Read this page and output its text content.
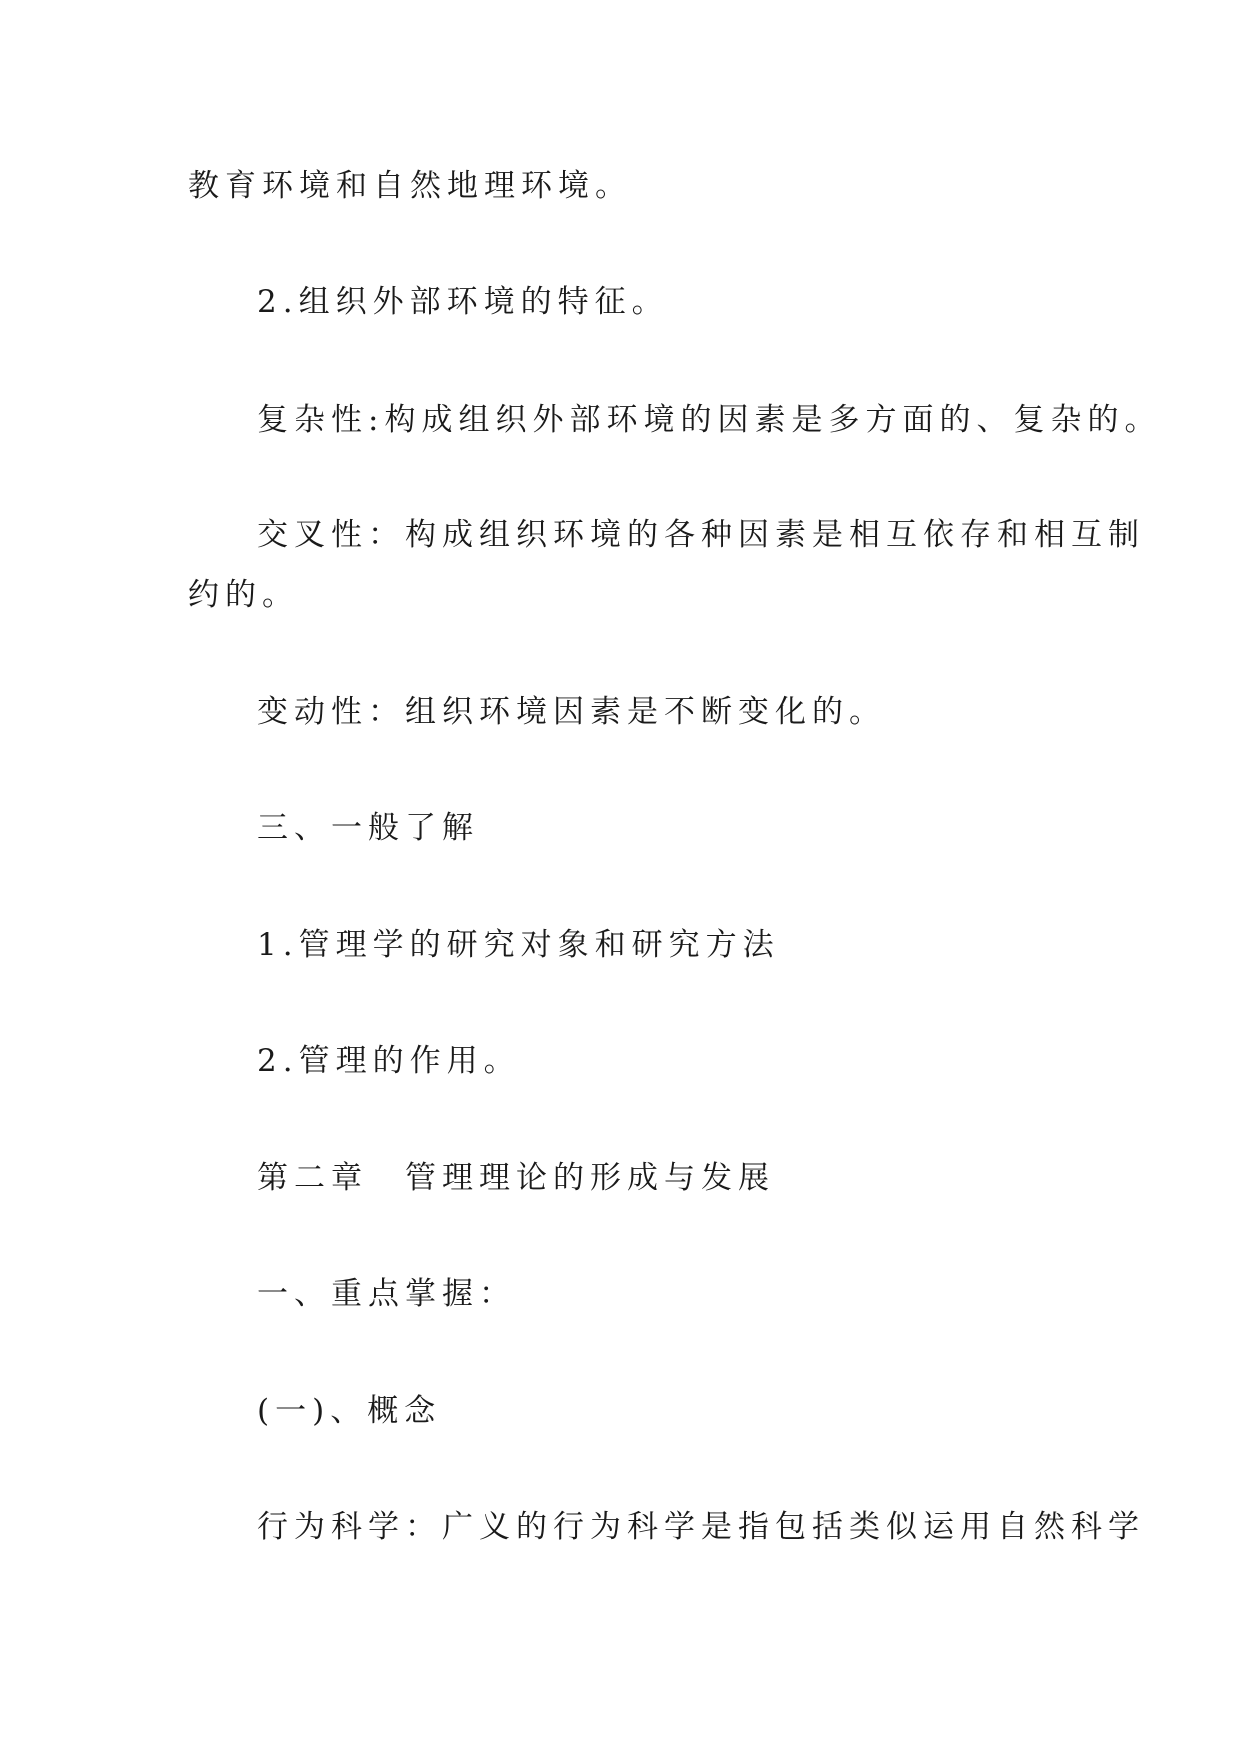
教育环境和自然地理环境。

2.组织外部环境的特征。

复杂性:构成组织外部环境的因素是多方面的、复杂的。

交叉性：构成组织环境的各种因素是相互依存和相互制

约的。

变动性：组织环境因素是不断变化的。

三、一般了解

1.管理学的研究对象和研究方法

2.管理的作用。

第二章　管理理论的形成与发展

一、重点掌握：

(一)、概念

行为科学：广义的行为科学是指包括类似运用自然科学
